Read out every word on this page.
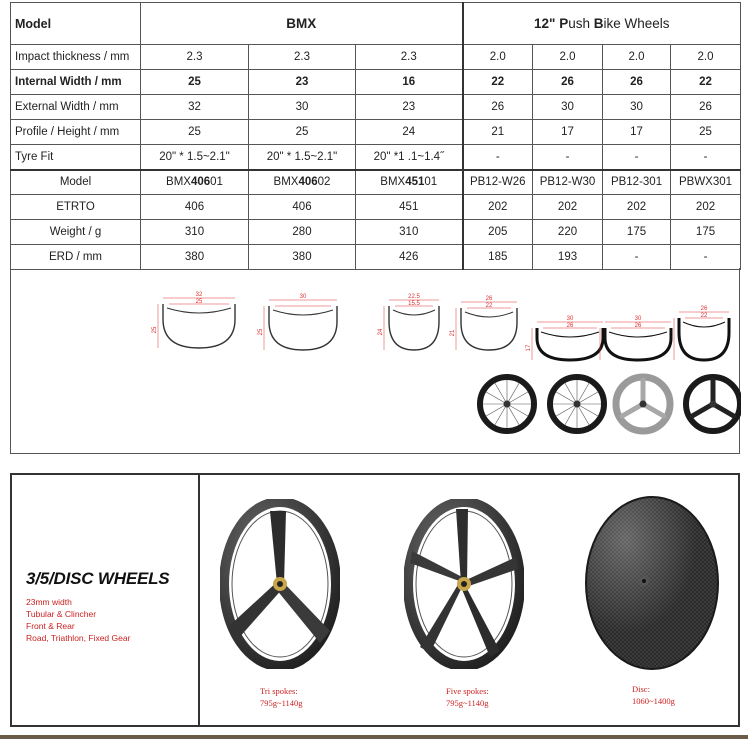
Model	BMX			12" Push Bike Wheels			
Impact thickness / mm	2.3	2.3	2.3	2.0	2.0	2.0	2.0
Internal Width / mm	25	23	16	22	26	26	22
External Width / mm	32	30	23	26	30	30	26
Profile / Height / mm	25	25	24	21	17	17	25
Tyre Fit	20" * 1.5~2.1"	20" * 1.5~2.1"	20" *1 .1~1.4˝	-	-	-	-
Model	BMX40601	BMX40602	BMX45101	PB12-W26	PB12-W30	PB12-301	PBWX301
ETRTO	406	406	451	202	202	202	202
Weight / g	310	280	310	205	220	175	175
ERD / mm	380	380	426	185	193	-	-
32
25
25
30
25
22.5
15.5
24
26
22
21
30
26
17
30
26
26
22
3/5/DISC WHEELS
23mm width
Tubular & Clincher
Front & Rear
Road, Triathlon, Fixed Gear
Tri spokes:
795g~1140g
Five spokes:
795g~1140g
Disc:
1060~1400g
